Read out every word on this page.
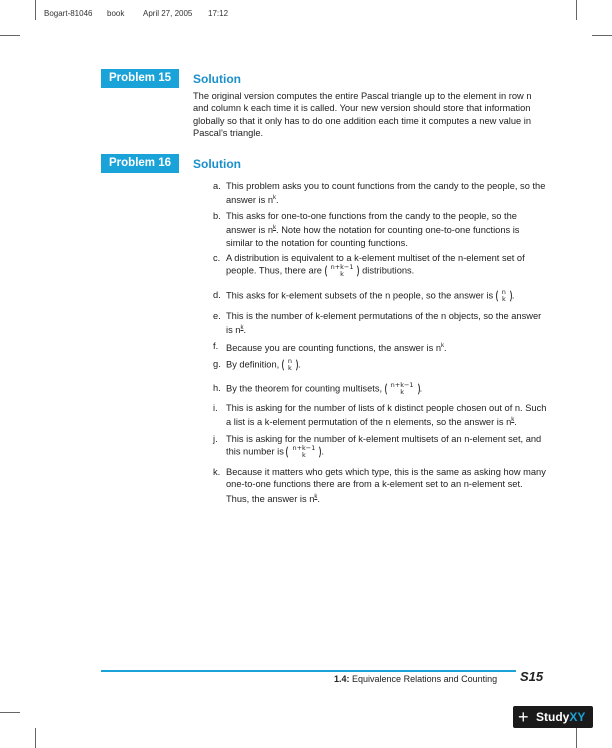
Bogart-81046 book April 27, 2005 17:12
Problem 15	Solution
The original version computes the entire Pascal triangle up to the element in row n and column k each time it is called. Your new version should store that information globally so that it only has to do one addition each time it computes a new value in Pascal’s triangle.
Problem 16	Solution
a. This problem asks you to count functions from the candy to the people, so the answer is $n^k$.
b. This asks for one-to-one functions from the candy to the people, so the answer is $n^k$. Note how the notation for counting one-to-one functions is similar to the notation for counting functions.
c. A distribution is equivalent to a k-element multiset of the n-element set of people. Thus, there are n+k−1
k	distributions.
d. This asks for k-element subsets of the n people, so the answer is n
k .
e. This is the number of k-element permutations of the n objects, so the answer is $n^k$.
f. Because you are counting functions, the answer is $n^k$.
g. By definition, n
k .
h. By the theorem for counting multisets, n+k−1
k	.
i. This is asking for the number of lists of k distinct people chosen out of n. Such a list is a k-element permutation of the n elements, so the answer is $n^k$.
j. This is asking for the number of k-element multisets of an n-element set, and this number is n+k−1
k	.
k. Because it matters who gets which type, this is the same as asking how many one-to-one functions there are from a k-element set to an n-element set. Thus, the answer is $n^k$.
1.4: Equivalence Relations and Counting S15
+ StudyXY
